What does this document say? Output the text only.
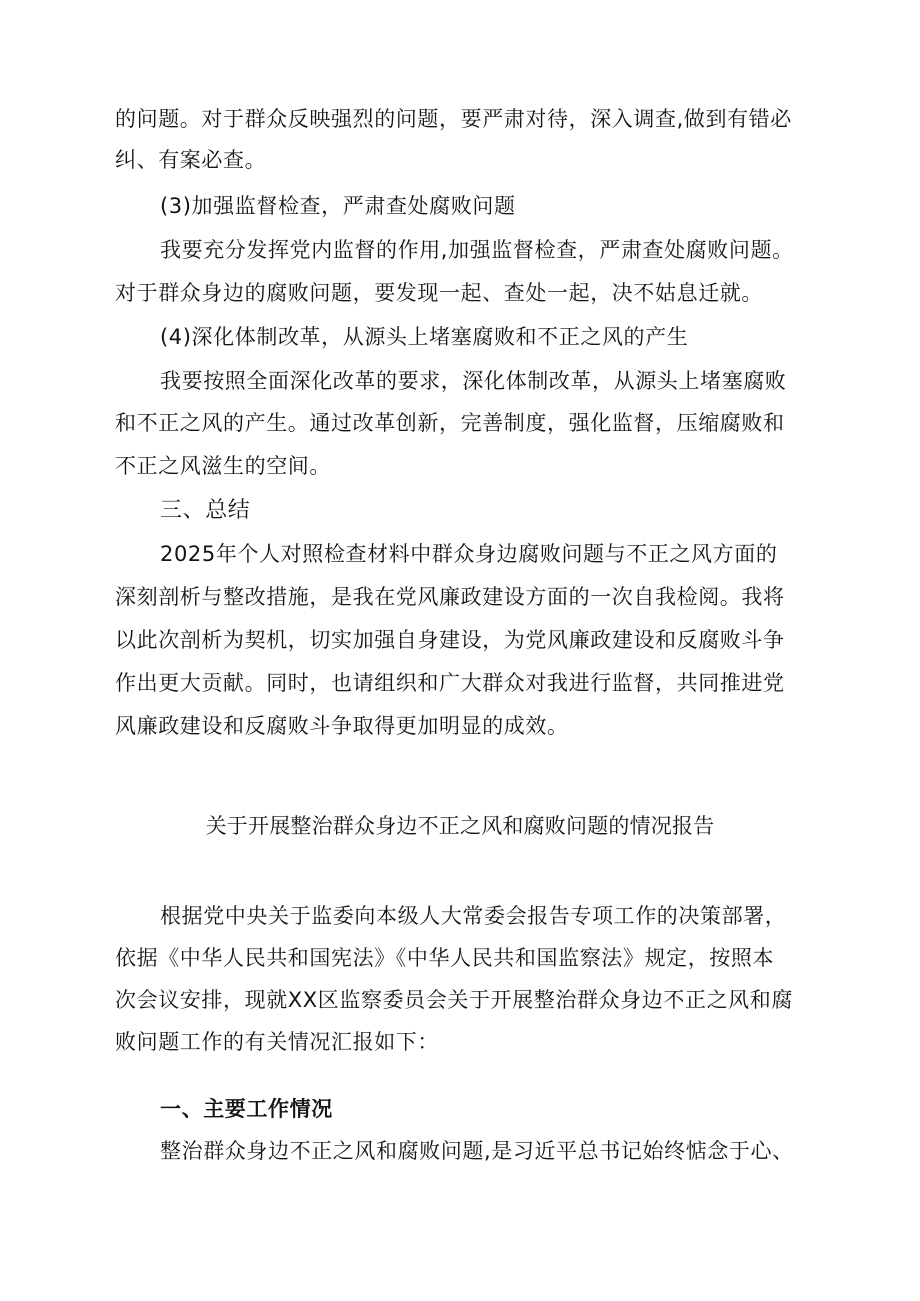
的问题。对于群众反映强烈的问题，要严肃对待，深入调查,做到有错必
纠、有案必查。
(3)加强监督检查，严肃查处腐败问题
我要充分发挥党内监督的作用,加强监督检查，严肃查处腐败问题。
对于群众身边的腐败问题，要发现一起、查处一起，决不姑息迁就。
(4)深化体制改革，从源头上堵塞腐败和不正之风的产生
我要按照全面深化改革的要求，深化体制改革，从源头上堵塞腐败
和不正之风的产生。通过改革创新，完善制度，强化监督，压缩腐败和
不正之风滋生的空间。
三、总结
2025年个人对照检查材料中群众身边腐败问题与不正之风方面的
深刻剖析与整改措施，是我在党风廉政建设方面的一次自我检阅。我将
以此次剖析为契机，切实加强自身建设，为党风廉政建设和反腐败斗争
作出更大贡献。同时，也请组织和广大群众对我进行监督，共同推进党
风廉政建设和反腐败斗争取得更加明显的成效。
关于开展整治群众身边不正之风和腐败问题的情况报告
根据党中央关于监委向本级人大常委会报告专项工作的决策部署，
依据《中华人民共和国宪法》《中华人民共和国监察法》规定，按照本
次会议安排，现就XX区监察委员会关于开展整治群众身边不正之风和腐
败问题工作的有关情况汇报如下：
一、主要工作情况
整治群众身边不正之风和腐败问题,是习近平总书记始终惦念于心、
